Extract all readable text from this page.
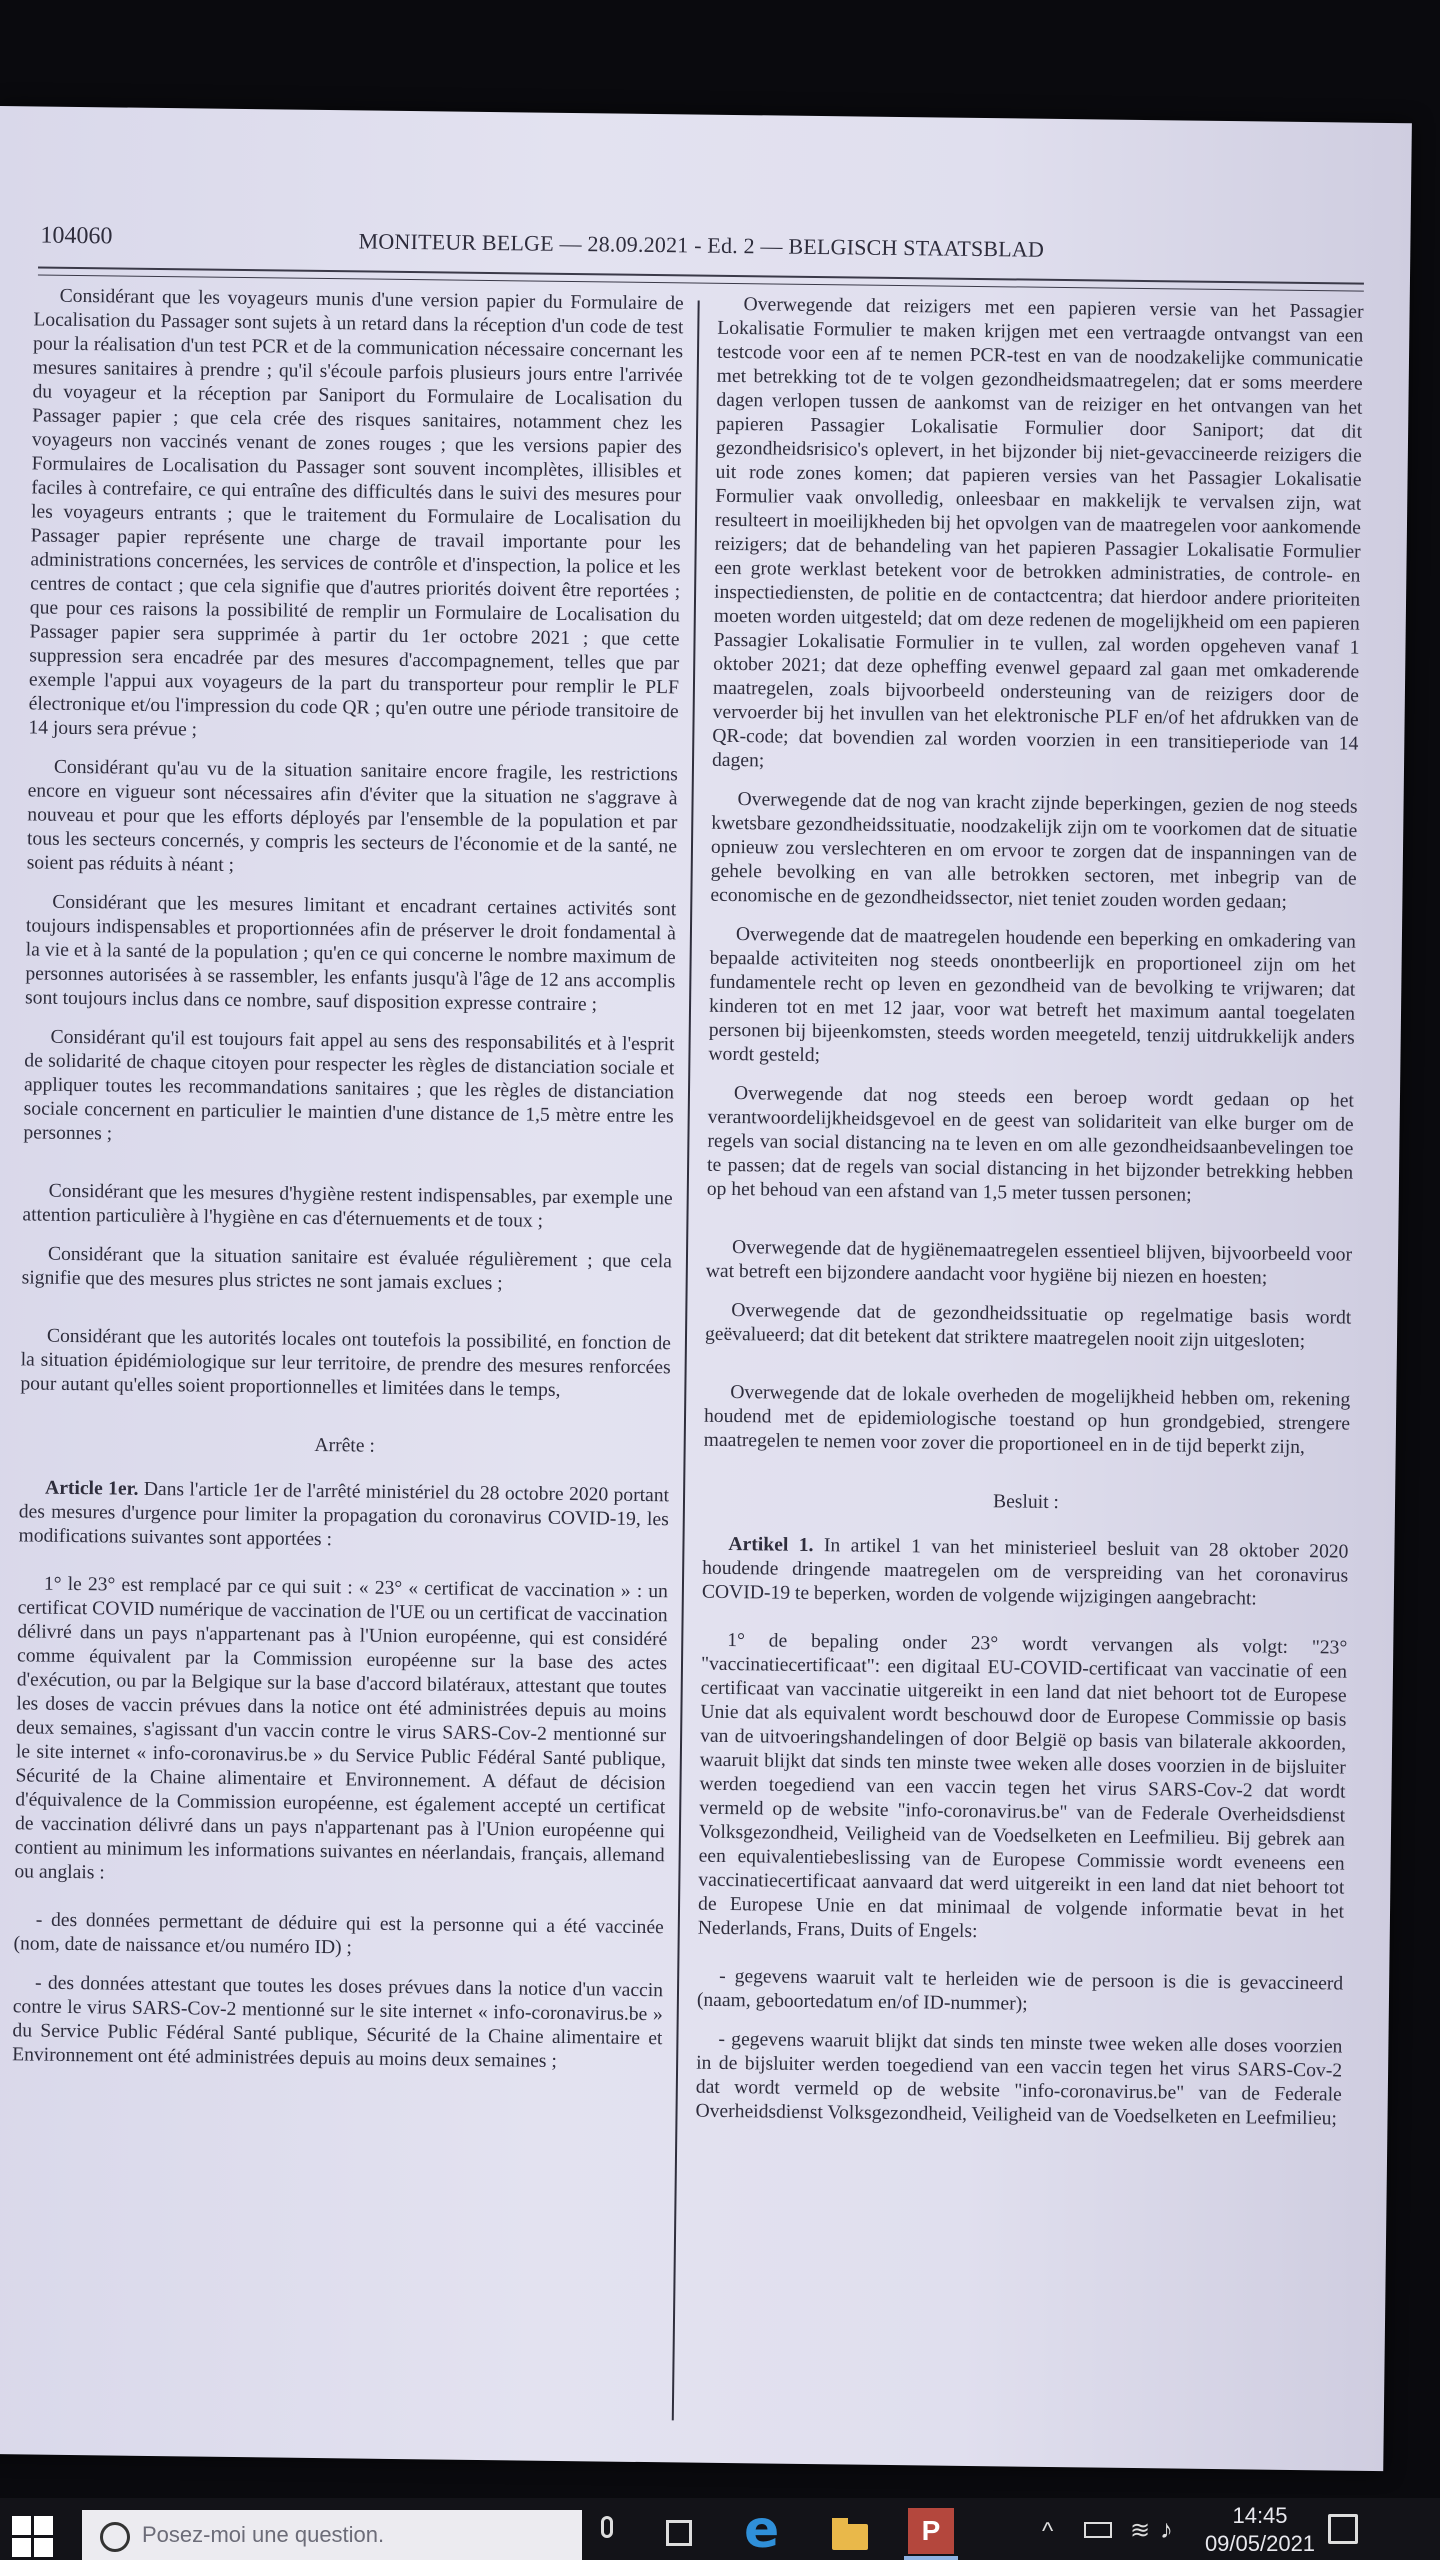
104060	MONITEUR BELGE — 28.09.2021 - Ed. 2 — BELGISCH STAATSBLAD

Considérant que les voyageurs munis d'une version papier du Formulaire de Localisation du Passager sont sujets à un retard dans la réception d'un code de test pour la réalisation d'un test PCR et de la communication nécessaire concernant les mesures sanitaires à prendre ; qu'il s'écoule parfois plusieurs jours entre l'arrivée du voyageur et la réception par Saniport du Formulaire de Localisation du Passager papier ; que cela crée des risques sanitaires, notamment chez les voyageurs non vaccinés venant de zones rouges ; que les versions papier des Formulaires de Localisation du Passager sont souvent incomplètes, illisibles et faciles à contrefaire, ce qui entraîne des difficultés dans le suivi des mesures pour les voyageurs entrants ; que le traitement du Formulaire de Localisation du Passager papier représente une charge de travail importante pour les administrations concernées, les services de contrôle et d'inspection, la police et les centres de contact ; que cela signifie que d'autres priorités doivent être reportées ; que pour ces raisons la possibilité de remplir un Formulaire de Localisation du Passager papier sera supprimée à partir du 1er octobre 2021 ; que cette suppression sera encadrée par des mesures d'accompagnement, telles que par exemple l'appui aux voyageurs de la part du transporteur pour remplir le PLF électronique et/ou l'impression du code QR ; qu'en outre une période transitoire de 14 jours sera prévue ;

Considérant qu'au vu de la situation sanitaire encore fragile, les restrictions encore en vigueur sont nécessaires afin d'éviter que la situation ne s'aggrave à nouveau et pour que les efforts déployés par l'ensemble de la population et par tous les secteurs concernés, y compris les secteurs de l'économie et de la santé, ne soient pas réduits à néant ;

Considérant que les mesures limitant et encadrant certaines activités sont toujours indispensables et proportionnées afin de préserver le droit fondamental à la vie et à la santé de la population ; qu'en ce qui concerne le nombre maximum de personnes autorisées à se rassembler, les enfants jusqu'à l'âge de 12 ans accomplis sont toujours inclus dans ce nombre, sauf disposition expresse contraire ;

Considérant qu'il est toujours fait appel au sens des responsabilités et à l'esprit de solidarité de chaque citoyen pour respecter les règles de distanciation sociale et appliquer toutes les recommandations sanitaires ; que les règles de distanciation sociale concernent en particulier le maintien d'une distance de 1,5 mètre entre les personnes ;

Considérant que les mesures d'hygiène restent indispensables, par exemple une attention particulière à l'hygiène en cas d'éternuements et de toux ;

Considérant que la situation sanitaire est évaluée régulièrement ; que cela signifie que des mesures plus strictes ne sont jamais exclues ;

Considérant que les autorités locales ont toutefois la possibilité, en fonction de la situation épidémiologique sur leur territoire, de prendre des mesures renforcées pour autant qu'elles soient proportionnelles et limitées dans le temps,

Arrête :

Article 1er. Dans l'article 1er de l'arrêté ministériel du 28 octobre 2020 portant des mesures d'urgence pour limiter la propagation du coronavirus COVID-19, les modifications suivantes sont apportées :

1° le 23° est remplacé par ce qui suit : « 23° « certificat de vaccination » : un certificat COVID numérique de vaccination de l'UE ou un certificat de vaccination délivré dans un pays n'appartenant pas à l'Union européenne, qui est considéré comme équivalent par la Commission européenne sur la base des actes d'exécution, ou par la Belgique sur la base d'accord bilatéraux, attestant que toutes les doses de vaccin prévues dans la notice ont été administrées depuis au moins deux semaines, s'agissant d'un vaccin contre le virus SARS-Cov-2 mentionné sur le site internet « info-coronavirus.be » du Service Public Fédéral Santé publique, Sécurité de la Chaine alimentaire et Environnement. A défaut de décision d'équivalence de la Commission européenne, est également accepté un certificat de vaccination délivré dans un pays n'appartenant pas à l'Union européenne qui contient au minimum les informations suivantes en néerlandais, français, allemand ou anglais :

- des données permettant de déduire qui est la personne qui a été vaccinée (nom, date de naissance et/ou numéro ID) ;

- des données attestant que toutes les doses prévues dans la notice d'un vaccin contre le virus SARS-Cov-2 mentionné sur le site internet « info-coronavirus.be » du Service Public Fédéral Santé publique, Sécurité de la Chaine alimentaire et Environnement ont été administrées depuis au moins deux semaines ;

Overwegende dat reizigers met een papieren versie van het Passagier Lokalisatie Formulier te maken krijgen met een vertraagde ontvangst van een testcode voor een af te nemen PCR-test en van de noodzakelijke communicatie met betrekking tot de te volgen gezondheidsmaatregelen; dat er soms meerdere dagen verlopen tussen de aankomst van de reiziger en het ontvangen van het papieren Passagier Lokalisatie Formulier door Saniport; dat dit gezondheidsrisico's oplevert, in het bijzonder bij niet-gevaccineerde reizigers die uit rode zones komen; dat papieren versies van het Passagier Lokalisatie Formulier vaak onvolledig, onleesbaar en makkelijk te vervalsen zijn, wat resulteert in moeilijkheden bij het opvolgen van de maatregelen voor aankomende reizigers; dat de behandeling van het papieren Passagier Lokalisatie Formulier een grote werklast betekent voor de betrokken administraties, de controle- en inspectiediensten, de politie en de contactcentra; dat hierdoor andere prioriteiten moeten worden uitgesteld; dat om deze redenen de mogelijkheid om een papieren Passagier Lokalisatie Formulier in te vullen, zal worden opgeheven vanaf 1 oktober 2021; dat deze opheffing evenwel gepaard zal gaan met omkaderende maatregelen, zoals bijvoorbeeld ondersteuning van de reizigers door de vervoerder bij het invullen van het elektronische PLF en/of het afdrukken van de QR-code; dat bovendien zal worden voorzien in een transitieperiode van 14 dagen;

Overwegende dat de nog van kracht zijnde beperkingen, gezien de nog steeds kwetsbare gezondheidssituatie, noodzakelijk zijn om te voorkomen dat de situatie opnieuw zou verslechteren en om ervoor te zorgen dat de inspanningen van de gehele bevolking en van alle betrokken sectoren, met inbegrip van de economische en de gezondheidssector, niet teniet zouden worden gedaan;

Overwegende dat de maatregelen houdende een beperking en omkadering van bepaalde activiteiten nog steeds onontbeerlijk en proportioneel zijn om het fundamentele recht op leven en gezondheid van de bevolking te vrijwaren; dat kinderen tot en met 12 jaar, voor wat betreft het maximum aantal toegelaten personen bij bijeenkomsten, steeds worden meegeteld, tenzij uitdrukkelijk anders wordt gesteld;

Overwegende dat nog steeds een beroep wordt gedaan op het verantwoordelijkheidsgevoel en de geest van solidariteit van elke burger om de regels van social distancing na te leven en om alle gezondheidsaanbevelingen toe te passen; dat de regels van social distancing in het bijzonder betrekking hebben op het behoud van een afstand van 1,5 meter tussen personen;

Overwegende dat de hygiënemaatregelen essentieel blijven, bijvoorbeeld voor wat betreft een bijzondere aandacht voor hygiëne bij niezen en hoesten;

Overwegende dat de gezondheidssituatie op regelmatige basis wordt geëvalueerd; dat dit betekent dat striktere maatregelen nooit zijn uitgesloten;

Overwegende dat de lokale overheden de mogelijkheid hebben om, rekening houdend met de epidemiologische toestand op hun grondgebied, strengere maatregelen te nemen voor zover die proportioneel en in de tijd beperkt zijn,

Besluit :

Artikel 1. In artikel 1 van het ministerieel besluit van 28 oktober 2020 houdende dringende maatregelen om de verspreiding van het coronavirus COVID-19 te beperken, worden de volgende wijzigingen aangebracht:

1° de bepaling onder 23° wordt vervangen als volgt: "23° "vaccinatiecertificaat": een digitaal EU-COVID-certificaat van vaccinatie of een certificaat van vaccinatie uitgereikt in een land dat niet behoort tot de Europese Unie dat als equivalent wordt beschouwd door de Europese Commissie op basis van de uitvoeringshandelingen of door België op basis van bilaterale akkoorden, waaruit blijkt dat sinds ten minste twee weken alle doses voorzien in de bijsluiter werden toegediend van een vaccin tegen het virus SARS-Cov-2 dat wordt vermeld op de website "info-coronavirus.be" van de Federale Overheidsdienst Volksgezondheid, Veiligheid van de Voedselketen en Leefmilieu. Bij gebrek aan een equivalentiebeslissing van de Europese Commissie wordt eveneens een vaccinatiecertificaat aanvaard dat werd uitgereikt in een land dat niet behoort tot de Europese Unie en dat minimaal de volgende informatie bevat in het Nederlands, Frans, Duits of Engels:

- gegevens waaruit valt te herleiden wie de persoon is die is gevaccineerd (naam, geboortedatum en/of ID-nummer);

- gegevens waaruit blijkt dat sinds ten minste twee weken alle doses voorzien in de bijsluiter werden toegediend van een vaccin tegen het virus SARS-Cov-2 dat wordt vermeld op de website "info-coronavirus.be" van de Federale Overheidsdienst Volksgezondheid, Veiligheid van de Voedselketen en Leefmilieu;

Posez-moi une question.	e	P	^	≋ ♪	14:45
09/05/2021
